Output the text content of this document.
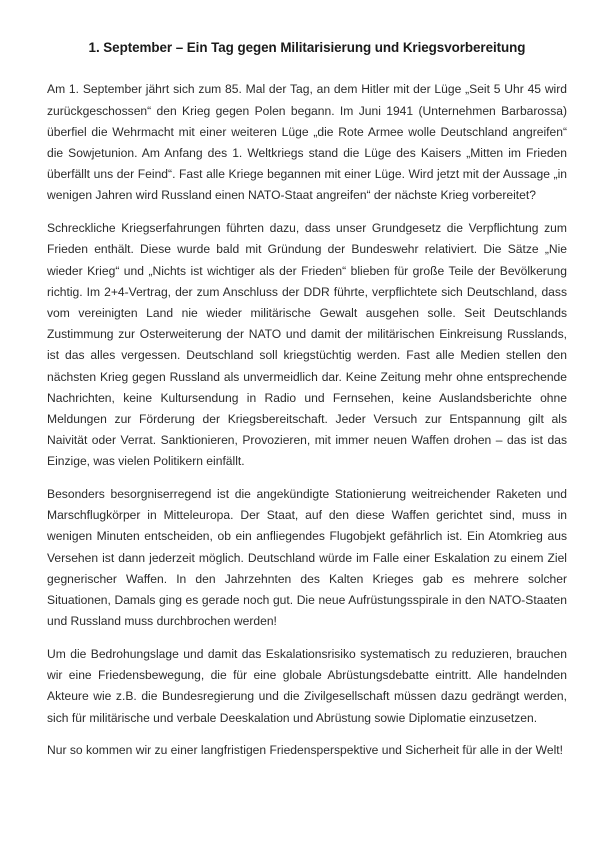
1. September – Ein Tag gegen Militarisierung und Kriegsvorbereitung

Am 1. September jährt sich zum 85. Mal der Tag, an dem Hitler mit der Lüge „Seit 5 Uhr 45 wird zurückgeschossen“ den Krieg gegen Polen begann. Im Juni 1941 (Unternehmen Barbarossa) überfiel die Wehrmacht mit einer weiteren Lüge „die Rote Armee wolle Deutschland angreifen“ die Sowjetunion. Am Anfang des 1. Weltkriegs stand die Lüge des Kaisers „Mitten im Frieden überfällt uns der Feind“. Fast alle Kriege begannen mit einer Lüge. Wird jetzt mit der Aussage „in wenigen Jahren wird Russland einen NATO-Staat angreifen“ der nächste Krieg vorbereitet?

Schreckliche Kriegserfahrungen führten dazu, dass unser Grundgesetz die Verpflichtung zum Frieden enthält. Diese wurde bald mit Gründung der Bundeswehr relativiert. Die Sätze „Nie wieder Krieg“ und „Nichts ist wichtiger als der Frieden“ blieben für große Teile der Bevölkerung richtig. Im 2+4-Vertrag, der zum Anschluss der DDR führte, verpflichtete sich Deutschland, dass vom vereinigten Land nie wieder militärische Gewalt ausgehen solle. Seit Deutschlands Zustimmung zur Osterweiterung der NATO und damit der militärischen Einkreisung Russlands, ist das alles vergessen. Deutschland soll kriegstüchtig werden. Fast alle Medien stellen den nächsten Krieg gegen Russland als unvermeidlich dar. Keine Zeitung mehr ohne entsprechende Nachrichten, keine Kultursendung in Radio und Fernsehen, keine Auslandsberichte ohne Meldungen zur Förderung der Kriegsbereitschaft. Jeder Versuch zur Entspannung gilt als Naivität oder Verrat. Sanktionieren, Provozieren, mit immer neuen Waffen drohen – das ist das Einzige, was vielen Politikern einfällt.

Besonders besorgniserregend ist die angekündigte Stationierung weitreichender Raketen und Marschflugkörper in Mitteleuropa. Der Staat, auf den diese Waffen gerichtet sind, muss in wenigen Minuten entscheiden, ob ein anfliegendes Flugobjekt gefährlich ist. Ein Atomkrieg aus Versehen ist dann jederzeit möglich. Deutschland würde im Falle einer Eskalation zu einem Ziel gegnerischer Waffen. In den Jahrzehnten des Kalten Krieges gab es mehrere solcher Situationen, Damals ging es gerade noch gut. Die neue Aufrüstungsspirale in den NATO-Staaten und Russland muss durchbrochen werden!

Um die Bedrohungslage und damit das Eskalationsrisiko systematisch zu reduzieren, brauchen wir eine Friedensbewegung, die für eine globale Abrüstungsdebatte eintritt. Alle handelnden Akteure wie z.B. die Bundesregierung und die Zivilgesellschaft müssen dazu gedrängt werden, sich für militärische und verbale Deeskalation und Abrüstung sowie Diplomatie einzusetzen.

Nur so kommen wir zu einer langfristigen Friedensperspektive und Sicherheit für alle in der Welt!
